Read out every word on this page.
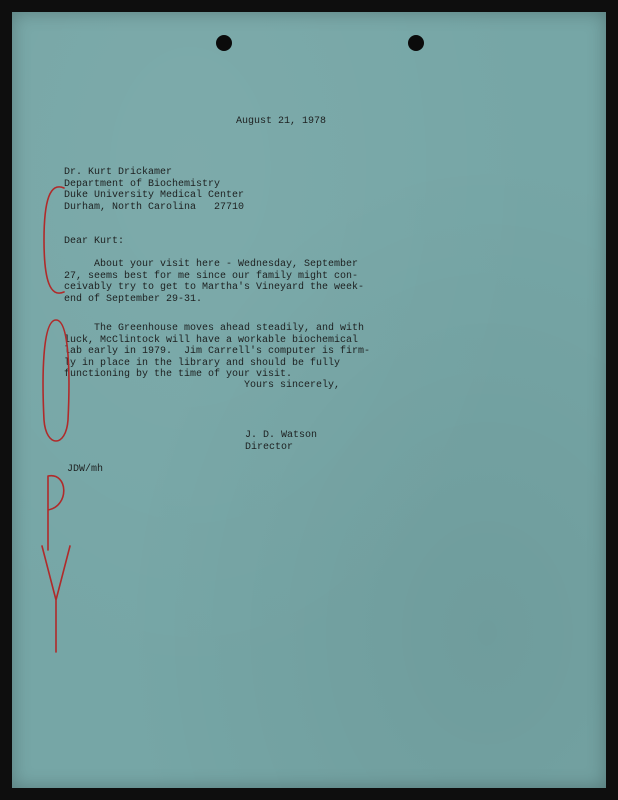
August 21, 1978
Dr. Kurt Drickamer
Department of Biochemistry
Duke University Medical Center
Durham, North Carolina   27710
Dear Kurt:
About your visit here - Wednesday, September
27, seems best for me since our family might con-
ceivably try to get to Martha's Vineyard the week-
end of September 29-31.
The Greenhouse moves ahead steadily, and with
luck, McClintock will have a workable biochemical
lab early in 1979.  Jim Carrell's computer is firm-
ly in place in the library and should be fully
functioning by the time of your visit.
Yours sincerely,
J. D. Watson
Director
JDW/mh
